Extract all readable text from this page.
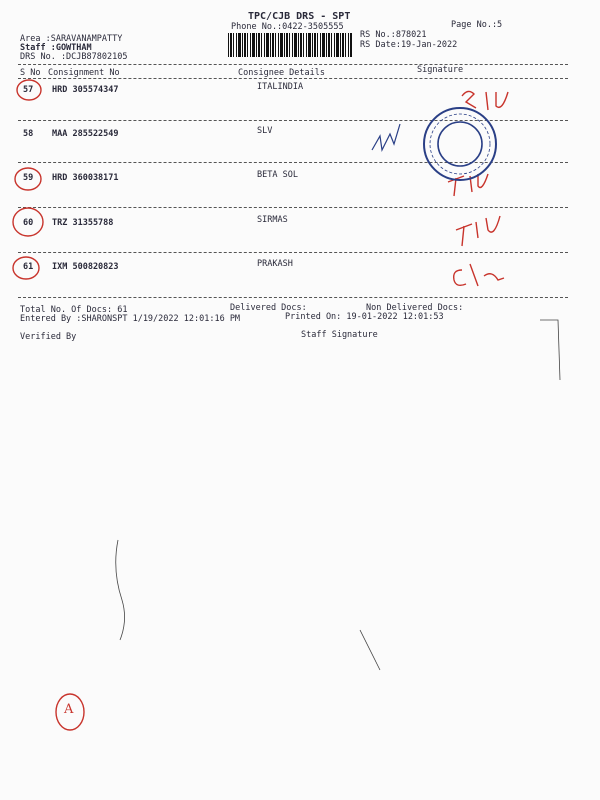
TPC/CJB DRS - SPT
Phone No.:0422-3505555	Page No.:5
Area :SARAVANAMPATTY
Staff :GOWTHAM
DRS No. :DCJB87802105
RS No.:878021
RS Date:19-Jan-2022
S No Consignment No	Consignee Details	Signature
57 HRD 305574347	ITALINDIA
58 MAA 285522549	SLV
59 HRD 360038171	BETA SOL
60 TRZ 31355788	SIRMAS
61 IXM 500820823	PRAKASH
Total No. Of Docs: 61	Delivered Docs:	Non Delivered Docs:
Entered By :SHARONSPT 1/19/2022 12:01:16 PM	Printed On: 19-01-2022 12:01:53
Verified By	Staff Signature
A
